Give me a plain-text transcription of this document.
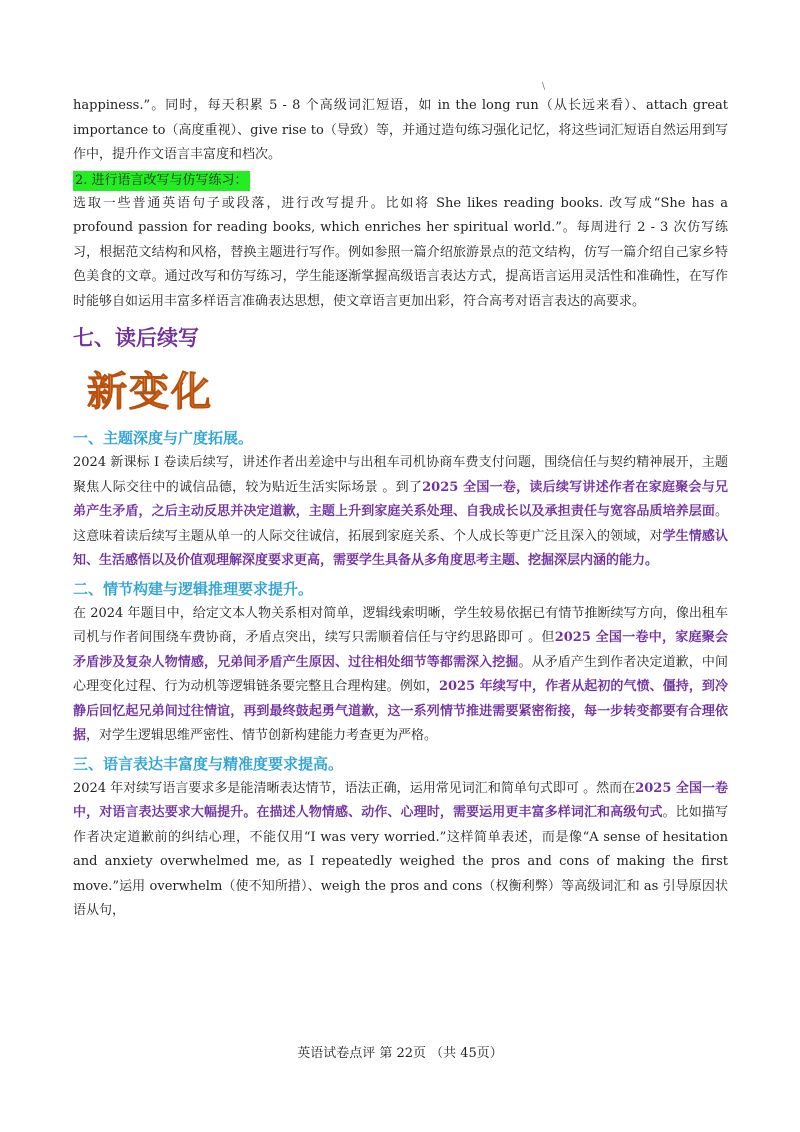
\

happiness.”。同时，每天积累 5 - 8 个高级词汇短语，如 in the long run（从长远来看）、attach great importance to（高度重视）、give rise to（导致）等，并通过造句练习强化记忆，将这些词汇短语自然运用到写作中，提升作文语言丰富度和档次。

2. 进行语言改写与仿写练习：

选取一些普通英语句子或段落，进行改写提升。比如将 She likes reading books. 改写成“She has a profound passion for reading books, which enriches her spiritual world.”。每周进行 2 - 3 次仿写练习，根据范文结构和风格，替换主题进行写作。例如参照一篇介绍旅游景点的范文结构，仿写一篇介绍自己家乡特色美食的文章。通过改写和仿写练习，学生能逐渐掌握高级语言表达方式，提高语言运用灵活性和准确性，在写作时能够自如运用丰富多样语言准确表达思想，使文章语言更加出彩，符合高考对语言表达的高要求。

七、读后续写
新变化
一、主题深度与广度拓展。

2024 新课标 I 卷读后续写，讲述作者出差途中与出租车司机协商车费支付问题，围绕信任与契约精神展开，主题聚焦人际交往中的诚信品德，较为贴近生活实际场景 。到了2025 全国一卷，读后续写讲述作者在家庭聚会与兄弟产生矛盾，之后主动反思并决定道歉，主题上升到家庭关系处理、自我成长以及承担责任与宽容品质培养层面。这意味着读后续写主题从单一的人际交往诚信，拓展到家庭关系、个人成长等更广泛且深入的领域，对学生情感认知、生活感悟以及价值观理解深度要求更高，需要学生具备从多角度思考主题、挖掘深层内涵的能力。

二、情节构建与逻辑推理要求提升。

在 2024 年题目中，给定文本人物关系相对简单，逻辑线索明晰，学生较易依据已有情节推断续写方向，像出租车司机与作者间围绕车费协商，矛盾点突出，续写只需顺着信任与守约思路即可 。但2025 全国一卷中，家庭聚会矛盾涉及复杂人物情感，兄弟间矛盾产生原因、过往相处细节等都需深入挖掘。从矛盾产生到作者决定道歉，中间心理变化过程、行为动机等逻辑链条要完整且合理构建。例如，2025 年续写中，作者从起初的气愤、僵持，到冷静后回忆起兄弟间过往情谊，再到最终鼓起勇气道歉，这一系列情节推进需要紧密衔接，每一步转变都要有合理依据，对学生逻辑思维严密性、情节创新构建能力考查更为严格。

三、语言表达丰富度与精准度要求提高。

2024 年对续写语言要求多是能清晰表达情节，语法正确，运用常见词汇和简单句式即可 。然而在2025 全国一卷中，对语言表达要求大幅提升。在描述人物情感、动作、心理时，需要运用更丰富多样词汇和高级句式。比如描写作者决定道歉前的纠结心理，不能仅用“I was very worried.”这样简单表述，而是像“A sense of hesitation and anxiety overwhelmed me, as I repeatedly weighed the pros and cons of making the first move.”运用 overwhelm（使不知所措）、weigh the pros and cons（权衡利弊）等高级词汇和 as 引导原因状语从句，

英语试卷点评 第 22页 （共 45页）
